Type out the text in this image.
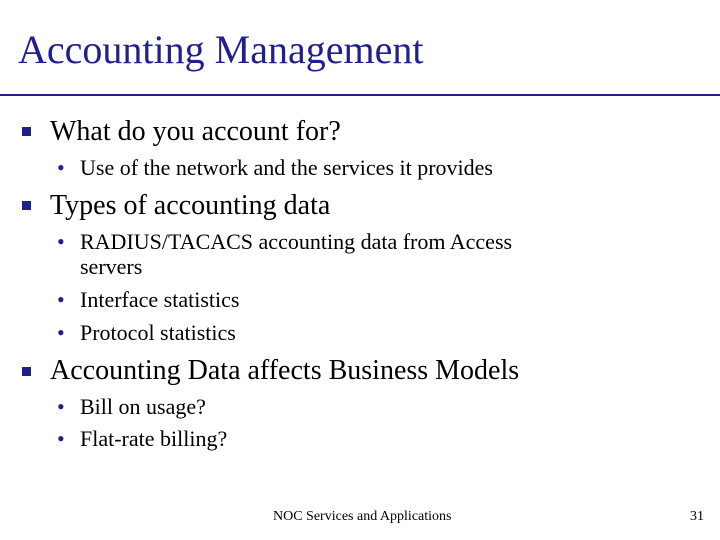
Accounting Management
What do you account for?
• Use of the network and the services it provides
Types of accounting data
• RADIUS/TACACS accounting data from Access
servers
• Interface statistics
• Protocol statistics
Accounting Data affects Business Models
• Bill on usage?
• Flat-rate billing?
NOC Services and Applications	31
